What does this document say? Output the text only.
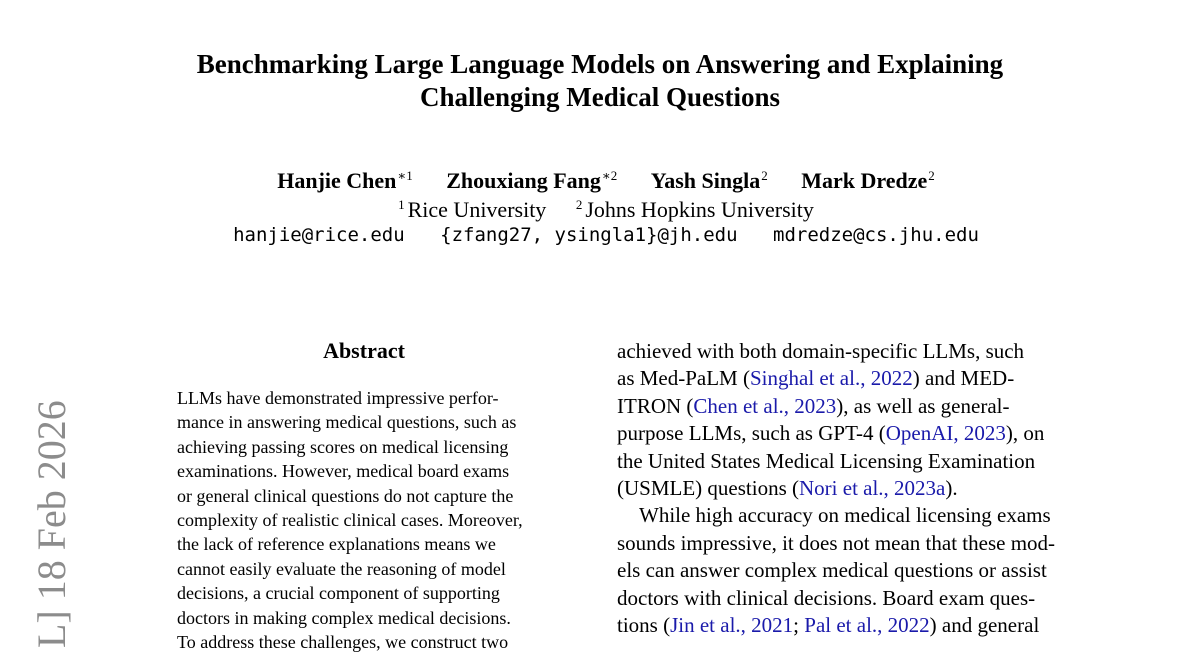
Benchmarking Large Language Models on Answering and Explaining
Challenging Medical Questions
Hanjie Chen$^{∗1}$ Zhouxiang Fang$^{∗2}$ Yash Singla$^2$ Mark Dredze$^2$
$^1$ Rice University $^2$ Johns Hopkins University
hanjie@rice.edu {zfang27, ysingla1}@jh.edu mdredze@cs.jhu.edu
L] 18 Feb 2026
Abstract
LLMs have demonstrated impressive perfor-
mance in answering medical questions, such as
achieving passing scores on medical licensing
examinations. However, medical board exams
or general clinical questions do not capture the
complexity of realistic clinical cases. Moreover,
the lack of reference explanations means we
cannot easily evaluate the reasoning of model
decisions, a crucial component of supporting
doctors in making complex medical decisions.
To address these challenges, we construct two
achieved with both domain-specific LLMs, such
as Med-PaLM (Singhal et al., 2022) and MED-
ITRON (Chen et al., 2023), as well as general-
purpose LLMs, such as GPT-4 (OpenAI, 2023), on
the United States Medical Licensing Examination
(USMLE) questions (Nori et al., 2023a).
While high accuracy on medical licensing exams
sounds impressive, it does not mean that these mod-
els can answer complex medical questions or assist
doctors with clinical decisions. Board exam ques-
tions (Jin et al., 2021; Pal et al., 2022) and general
